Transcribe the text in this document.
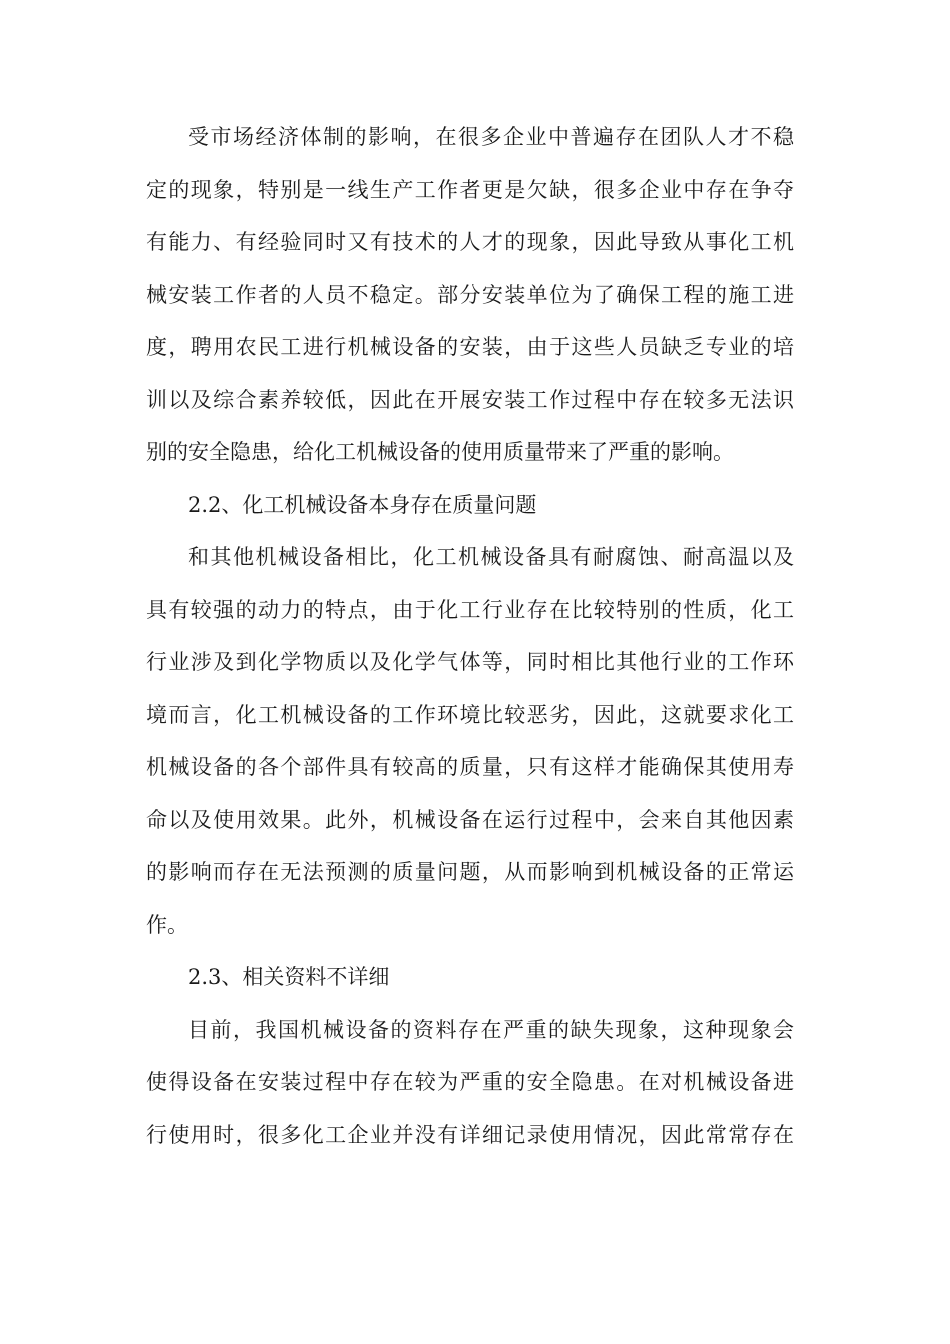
受市场经济体制的影响，在很多企业中普遍存在团队人才不稳
定的现象，特别是一线生产工作者更是欠缺，很多企业中存在争夺
有能力、有经验同时又有技术的人才的现象，因此导致从事化工机
械安装工作者的人员不稳定。部分安装单位为了确保工程的施工进
度，聘用农民工进行机械设备的安装，由于这些人员缺乏专业的培
训以及综合素养较低，因此在开展安装工作过程中存在较多无法识
别的安全隐患，给化工机械设备的使用质量带来了严重的影响。

2.2、化工机械设备本身存在质量问题

和其他机械设备相比，化工机械设备具有耐腐蚀、耐高温以及
具有较强的动力的特点，由于化工行业存在比较特别的性质，化工
行业涉及到化学物质以及化学气体等，同时相比其他行业的工作环
境而言，化工机械设备的工作环境比较恶劣，因此，这就要求化工
机械设备的各个部件具有较高的质量，只有这样才能确保其使用寿
命以及使用效果。此外，机械设备在运行过程中，会来自其他因素
的影响而存在无法预测的质量问题，从而影响到机械设备的正常运
作。

2.3、相关资料不详细

目前，我国机械设备的资料存在严重的缺失现象，这种现象会
使得设备在安装过程中存在较为严重的安全隐患。在对机械设备进
行使用时，很多化工企业并没有详细记录使用情况，因此常常存在
